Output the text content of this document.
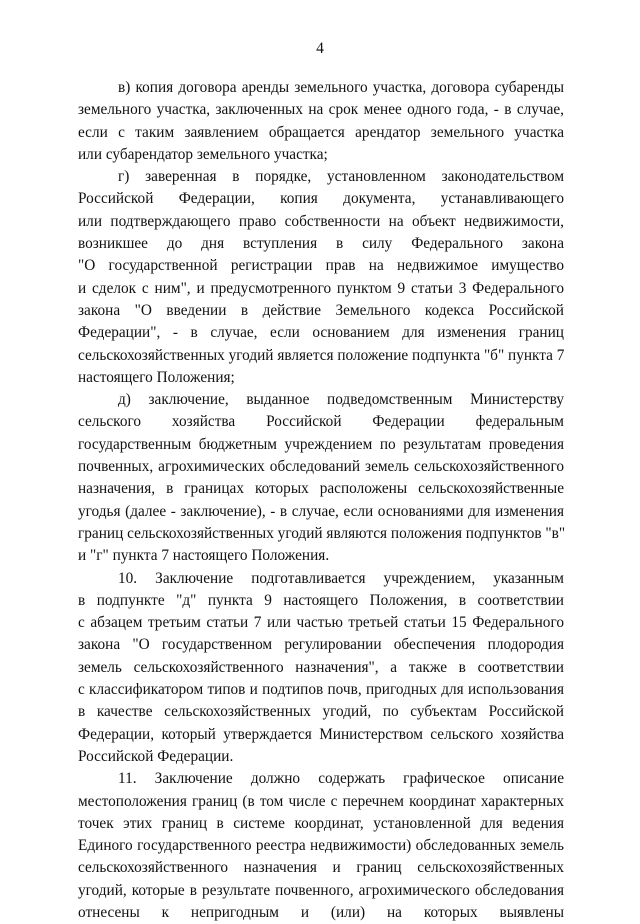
4
в) копия договора аренды земельного участка, договора субаренды
земельного участка, заключенных на срок менее одного года, - в случае,
если с таким заявлением обращается арендатор земельного участка
или субарендатор земельного участка;
г) заверенная в порядке, установленном законодательством
Российской Федерации, копия документа, устанавливающего
или подтверждающего право собственности на объект недвижимости,
возникшее до дня вступления в силу Федерального закона
"О государственной регистрации прав на недвижимое имущество
и сделок с ним", и предусмотренного пунктом 9 статьи 3 Федерального
закона "О введении в действие Земельного кодекса Российской
Федерации", - в случае, если основанием для изменения границ
сельскохозяйственных угодий является положение подпункта "б" пункта 7
настоящего Положения;
д) заключение, выданное подведомственным Министерству
сельского хозяйства Российской Федерации федеральным
государственным бюджетным учреждением по результатам проведения
почвенных, агрохимических обследований земель сельскохозяйственного
назначения, в границах которых расположены сельскохозяйственные
угодья (далее - заключение), - в случае, если основаниями для изменения
границ сельскохозяйственных угодий являются положения подпунктов "в"
и "г" пункта 7 настоящего Положения.
10. Заключение подготавливается учреждением, указанным
в подпункте "д" пункта 9 настоящего Положения, в соответствии
с абзацем третьим статьи 7 или частью третьей статьи 15 Федерального
закона "О государственном регулировании обеспечения плодородия
земель сельскохозяйственного назначения", а также в соответствии
с классификатором типов и подтипов почв, пригодных для использования
в качестве сельскохозяйственных угодий, по субъектам Российской
Федерации, который утверждается Министерством сельского хозяйства
Российской Федерации.
11. Заключение должно содержать графическое описание
местоположения границ (в том числе с перечнем координат характерных
точек этих границ в системе координат, установленной для ведения
Единого государственного реестра недвижимости) обследованных земель
сельскохозяйственного назначения и границ сельскохозяйственных
угодий, которые в результате почвенного, агрохимического обследования
отнесены к непригодным и (или) на которых выявлены
